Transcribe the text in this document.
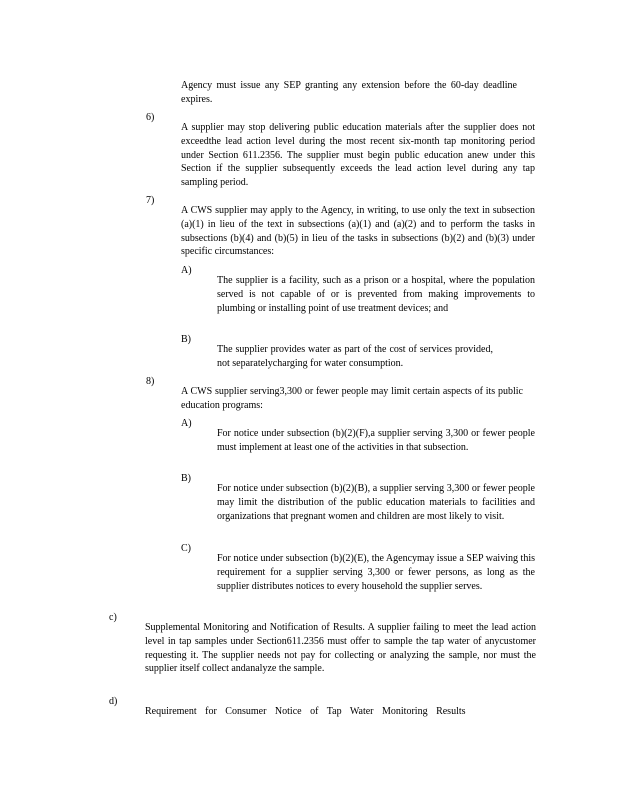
Agency must issue any SEP granting any extension before the 60-day deadline expires.

6)

A supplier may stop delivering public education materials after the supplier does not exceedthe lead action level during the most recent six-month tap monitoring period under Section 611.2356. The supplier must begin public education anew under this Section if the supplier subsequently exceeds the lead action level during any tap sampling period.

7)

A CWS supplier may apply to the Agency, in writing, to use only the text in subsection (a)(1) in lieu of the text in subsections (a)(1) and (a)(2) and to perform the tasks in subsections (b)(4) and (b)(5) in lieu of the tasks in subsections (b)(2) and (b)(3) under specific circumstances:

A)

The supplier is a facility, such as a prison or a hospital, where the population served is not capable of or is prevented from making improvements to plumbing or installing point of use treatment devices; and

B)

The supplier provides water as part of the cost of services provided, not separatelycharging for water consumption.

8)

A CWS supplier serving3,300 or fewer people may limit certain aspects of its public education programs:

A)

For notice under subsection (b)(2)(F),a supplier serving 3,300 or fewer people must implement at least one of the activities in that subsection.

B)

For notice under subsection (b)(2)(B), a supplier serving 3,300 or fewer people may limit the distribution of the public education materials to facilities and organizations that pregnant women and children are most likely to visit.

C)

For notice under subsection (b)(2)(E), the Agencymay issue a SEP waiving this requirement for a supplier serving 3,300 or fewer persons, as long as the supplier distributes notices to every household the supplier serves.

c)

Supplemental Monitoring and Notification of Results. A supplier failing to meet the lead action level in tap samples under Section611.2356 must offer to sample the tap water of anycustomer requesting it. The supplier needs not pay for collecting or analyzing the sample, nor must the supplier itself collect andanalyze the sample.

d)

Requirement for Consumer Notice of Tap Water Monitoring Results
